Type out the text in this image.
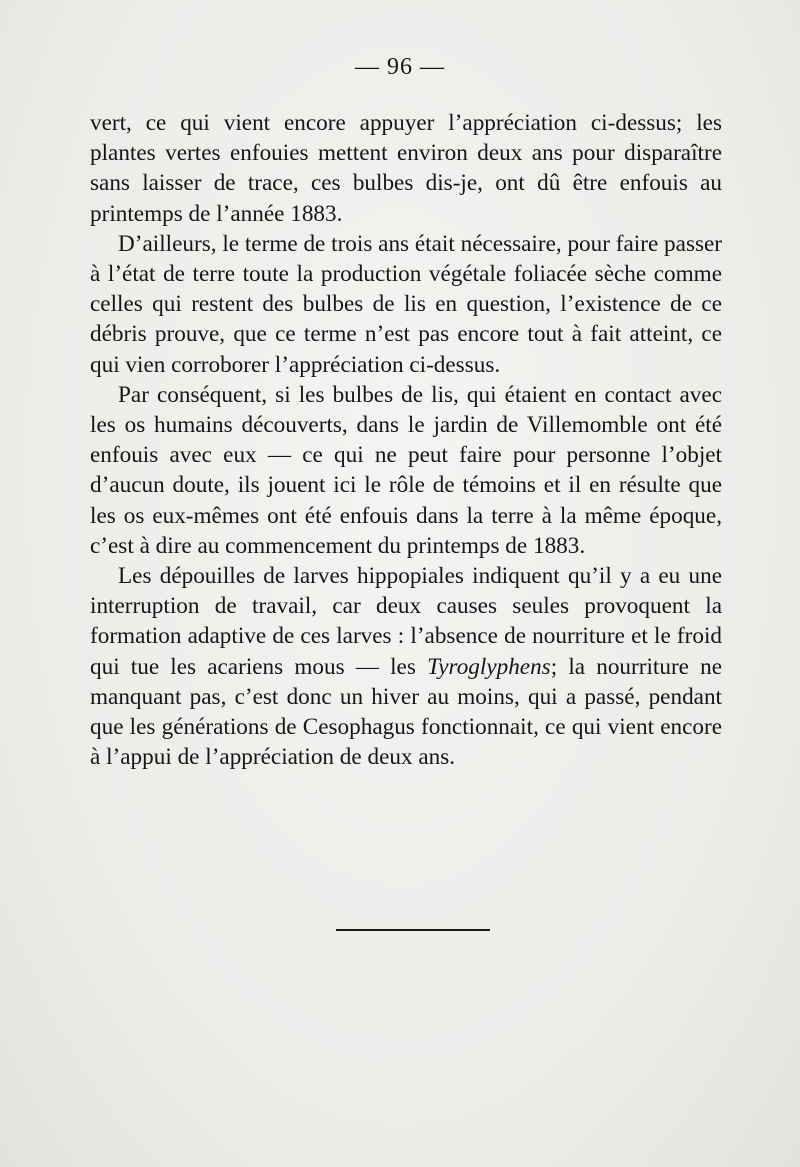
— 96 —

vert, ce qui vient encore appuyer l’appréciation ci-dessus; les plantes vertes enfouies mettent environ deux ans pour disparaître sans laisser de trace, ces bulbes dis-je, ont dû être enfouis au printemps de l’année 1883.

D’ailleurs, le terme de trois ans était nécessaire, pour faire passer à l’état de terre toute la production végétale foliacée sèche comme celles qui restent des bulbes de lis en question, l’existence de ce débris prouve, que ce terme n’est pas encore tout à fait atteint, ce qui vien corroborer l’appréciation ci-dessus.

Par conséquent, si les bulbes de lis, qui étaient en contact avec les os humains découverts, dans le jardin de Villemomble ont été enfouis avec eux — ce qui ne peut faire pour personne l’objet d’aucun doute, ils jouent ici le rôle de témoins et il en résulte que les os eux-mêmes ont été enfouis dans la terre à la même époque, c’est à dire au commencement du printemps de 1883.

Les dépouilles de larves hippopiales indiquent qu’il y a eu une interruption de travail, car deux causes seules provoquent la formation adaptive de ces larves : l’absence de nourriture et le froid qui tue les acariens mous — les Tyroglyphens; la nourriture ne manquant pas, c’est donc un hiver au moins, qui a passé, pendant que les générations de Cesophagus fonctionnait, ce qui vient encore à l’appui de l’appréciation de deux ans.
